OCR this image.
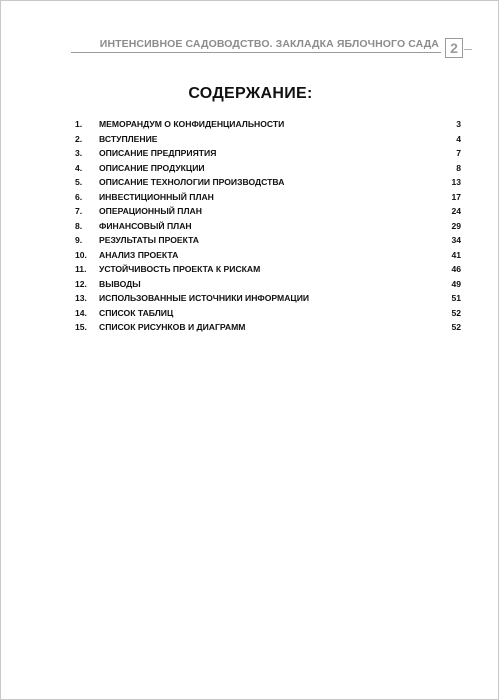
ИНТЕНСИВНОЕ САДОВОДСТВО. ЗАКЛАДКА ЯБЛОЧНОГО САДА 2
СОДЕРЖАНИЕ:
1. МЕМОРАНДУМ О КОНФИДЕНЦИАЛЬНОСТИ	3
2. ВСТУПЛЕНИЕ	4
3. ОПИСАНИЕ ПРЕДПРИЯТИЯ	7
4. ОПИСАНИЕ ПРОДУКЦИИ	8
5. ОПИСАНИЕ ТЕХНОЛОГИИ ПРОИЗВОДСТВА	13
6. ИНВЕСТИЦИОННЫЙ ПЛАН	17
7. ОПЕРАЦИОННЫЙ ПЛАН	24
8. ФИНАНСОВЫЙ ПЛАН	29
9. РЕЗУЛЬТАТЫ ПРОЕКТА	34
10. АНАЛИЗ ПРОЕКТА	41
11. УСТОЙЧИВОСТЬ ПРОЕКТА К РИСКАМ	46
12. ВЫВОДЫ	49
13. ИСПОЛЬЗОВАННЫЕ ИСТОЧНИКИ ИНФОРМАЦИИ	51
14. СПИСОК ТАБЛИЦ	52
15. СПИСОК РИСУНКОВ И ДИАГРАММ	52
